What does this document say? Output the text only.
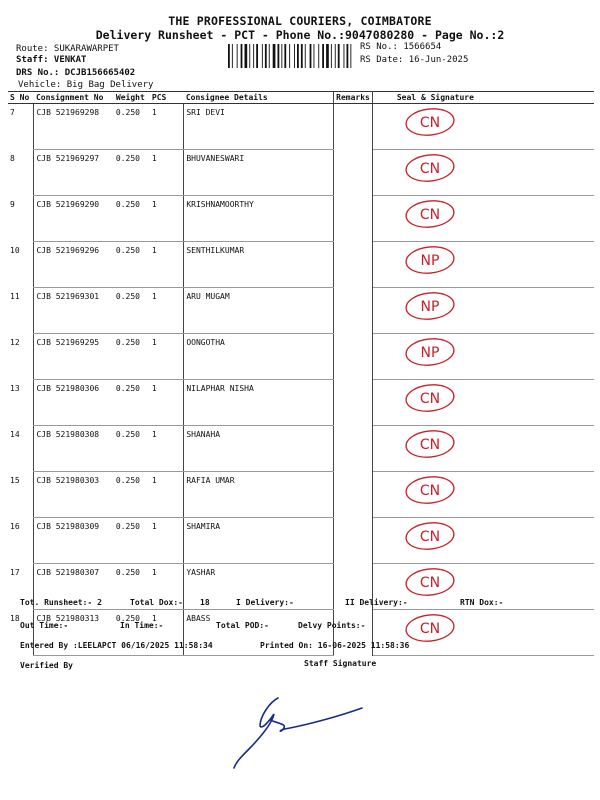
THE PROFESSIONAL COURIERS, COIMBATORE
Delivery Runsheet - PCT - Phone No.:9047080280 - Page No.:2
Route: SUKARAWARPET
Staff: VENKAT
DRS No.: DCJB156665402
Vehicle: Big Bag Delivery
RS No.: 1566654
RS Date: 16-Jun-2025
S No	Consignment No	Weight	PCS	Consignee Details	Remarks	Seal & Signature
7	CJB 521969298	0.250	1	SRI DEVI		CN

8	CJB 521969297	0.250	1	BHUVANESWARI		CN

9	CJB 521969290	0.250	1	KRISHNAMOORTHY		CN

10	CJB 521969296	0.250	1	SENTHILKUMAR		NP

11	CJB 521969301	0.250	1	ARU MUGAM		NP

12	CJB 521969295	0.250	1	OONGOTHA		NP

13	CJB 521980306	0.250	1	NILAPHAR NISHA		CN

14	CJB 521980308	0.250	1	SHANAHA		CN

15	CJB 521980303	0.250	1	RAFIA UMAR		CN

16	CJB 521980309	0.250	1	SHAMIRA		CN

17	CJB 521980307	0.250	1	YASHAR		CN

18	CJB 521980313	0.250	1	ABASS		CN
Tot. Runsheet:- 2	Total Dox:- 18	I Delivery:-	II Delivery:-	RTN Dox:-
Out Time:-	In Time:-	Total POD:-	Delvy Points:-
Entered By :LEELAPCT 06/16/2025 11:58:34	Printed On: 16-06-2025 11:58:36
Verified By	Staff Signature
